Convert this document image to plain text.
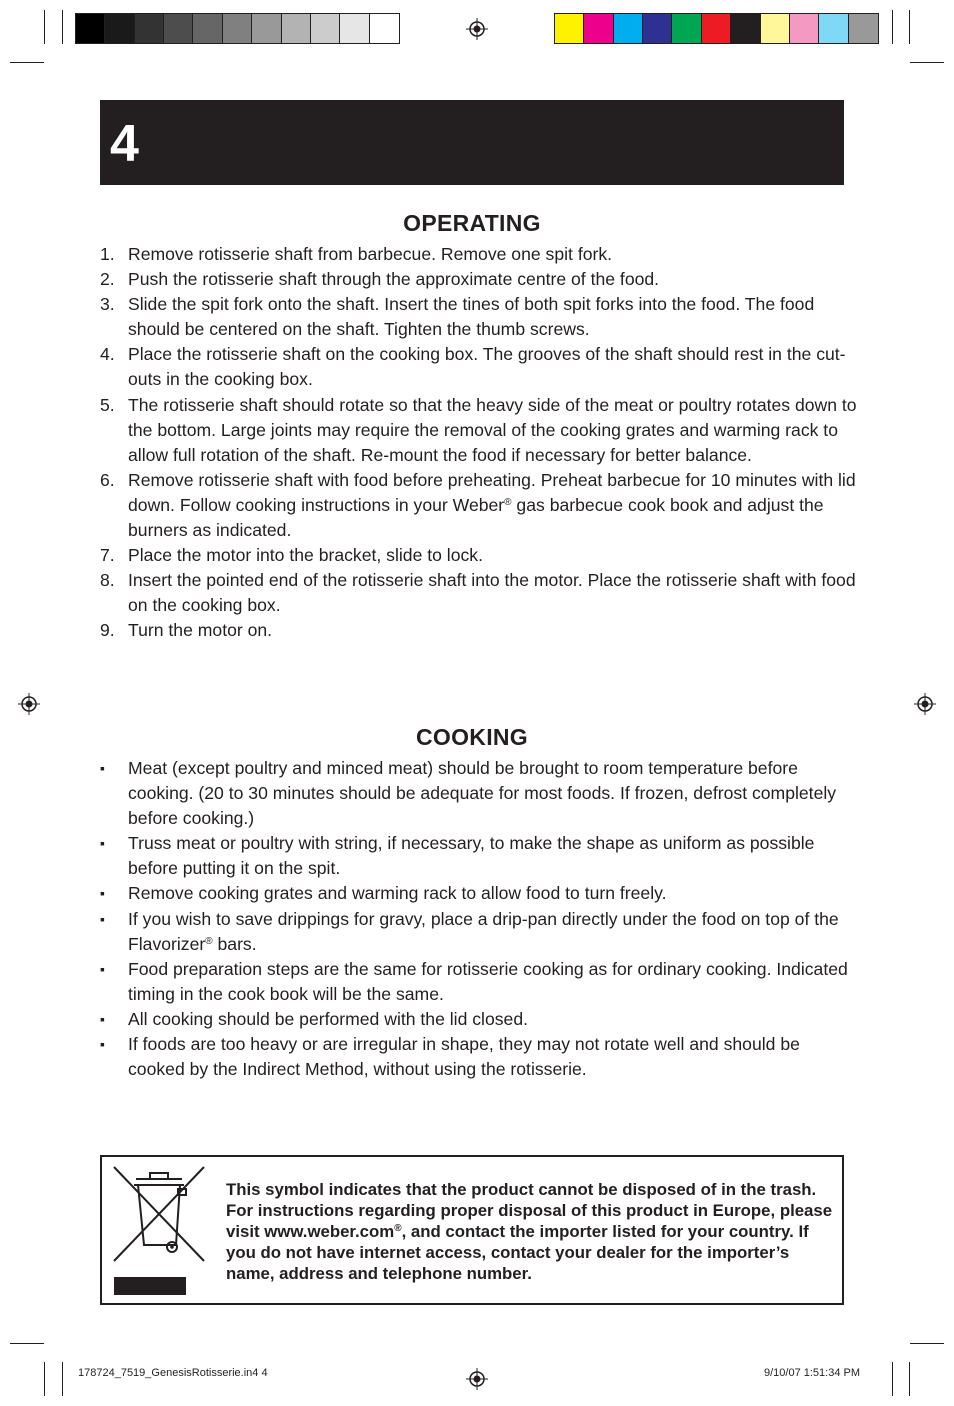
4
OPERATING
1. Remove rotisserie shaft from barbecue. Remove one spit fork.
2. Push the rotisserie shaft through the approximate centre of the food.
3. Slide the spit fork onto the shaft. Insert the tines of both spit forks into the food. The food should be centered on the shaft. Tighten the thumb screws.
4. Place the rotisserie shaft on the cooking box. The grooves of the shaft should rest in the cut-outs in the cooking box.
5. The rotisserie shaft should rotate so that the heavy side of the meat or poultry rotates down to the bottom. Large joints may require the removal of the cooking grates and warming rack to allow full rotation of the shaft. Re-mount the food if necessary for better balance.
6. Remove rotisserie shaft with food before preheating. Preheat barbecue for 10 minutes with lid down. Follow cooking instructions in your Weber® gas barbecue cook book and adjust the burners as indicated.
7. Place the motor into the bracket, slide to lock.
8. Insert the pointed end of the rotisserie shaft into the motor. Place the rotisserie shaft with food on the cooking box.
9. Turn the motor on.
COOKING
▪ Meat (except poultry and minced meat) should be brought to room temperature before cooking. (20 to 30 minutes should be adequate for most foods. If frozen, defrost completely before cooking.)
▪ Truss meat or poultry with string, if necessary, to make the shape as uniform as possible before putting it on the spit.
▪ Remove cooking grates and warming rack to allow food to turn freely.
▪ If you wish to save drippings for gravy, place a drip-pan directly under the food on top of the Flavorizer® bars.
▪ Food preparation steps are the same for rotisserie cooking as for ordinary cooking. Indicated timing in the cook book will be the same.
▪ All cooking should be performed with the lid closed.
▪ If foods are too heavy or are irregular in shape, they may not rotate well and should be cooked by the Indirect Method, without using the rotisserie.
This symbol indicates that the product cannot be disposed of in the trash. For instructions regarding proper disposal of this product in Europe, please visit www.weber.com®, and contact the importer listed for your country. If you do not have internet access, contact your dealer for the importer’s name, address and telephone number.
178724_7519_GenesisRotisserie.in4 4	9/10/07 1:51:34 PM
